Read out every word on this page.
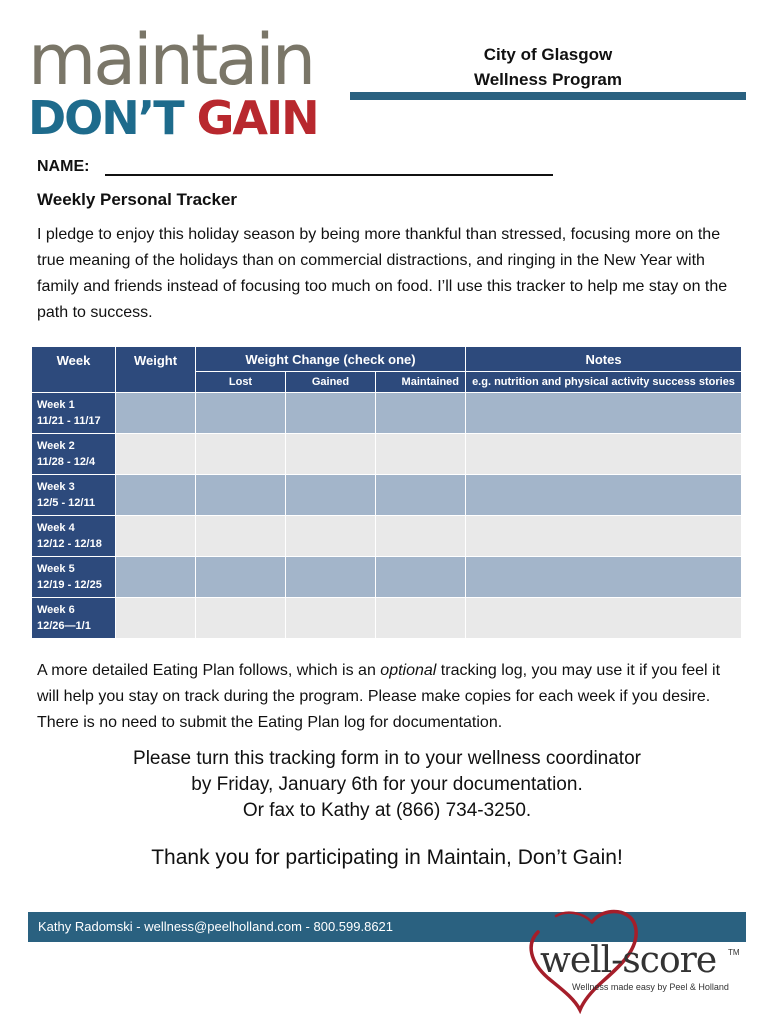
maintain
DON’T GAIN
City of Glasgow
Wellness Program
NAME:
Weekly Personal Tracker
I pledge to enjoy this holiday season by being more thankful than stressed, focusing more on the true meaning of the holidays than on commercial distractions, and ringing in the New Year with family and friends instead of focusing too much on food. I’ll use this tracker to help me stay on the path to success.
Week	Weight	Weight Change (check one)			Notes
		Lost	Gained	Maintained	e.g. nutrition and physical activity success stories
Week 1
11/21 - 11/17					
Week 2
11/28 - 12/4					
Week 3
12/5 - 12/11					
Week 4
12/12 - 12/18					
Week 5
12/19 - 12/25					
Week 6
12/26—1/1					
A more detailed Eating Plan follows, which is an optional tracking log, you may use it if you feel it will help you stay on track during the program. Please make copies for each week if you desire. There is no need to submit the Eating Plan log for documentation.
Please turn this tracking form in to your wellness coordinator
by Friday, January 6th for your documentation.
Or fax to Kathy at (866) 734-3250.
Thank you for participating in Maintain, Don’t Gain!
Kathy Radomski - wellness@peelholland.com - 800.599.8621
well-score TM
Wellness made easy by Peel & Holland
